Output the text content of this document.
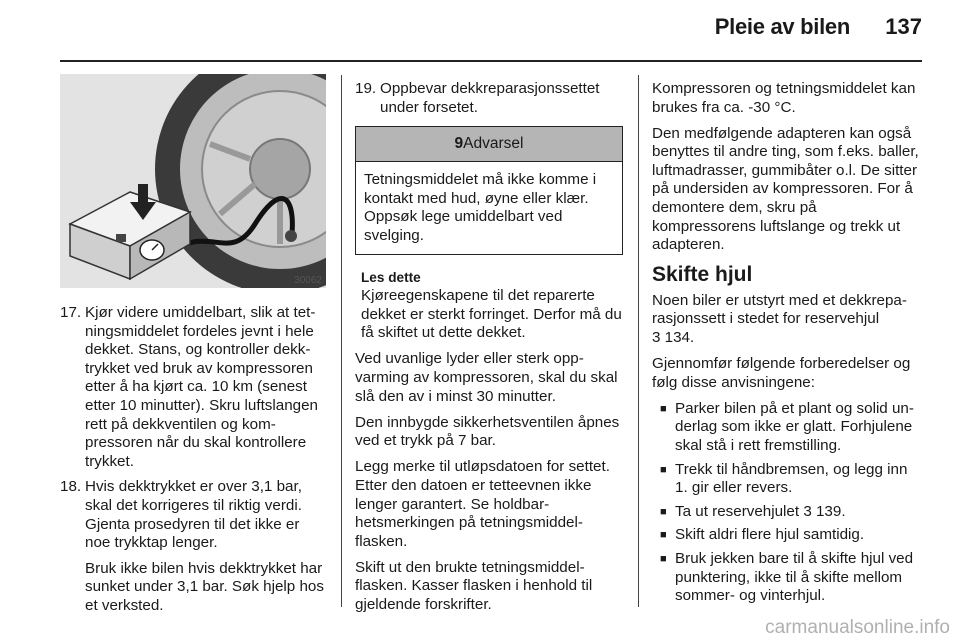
Pleie av bilen	137
30062
17. Kjør videre umiddelbart, slik at tetningsmiddelet fordeles jevnt i hele dekket. Stans, og kontroller dekktrykket ved bruk av kompressoren etter å ha kjørt ca. 10 km (senest etter 10 minutter). Skru luftslangen rett på dekkventilen og kompressoren når du skal kontrollere trykket.

18. Hvis dekktrykket er over 3,1 bar, skal det korrigeres til riktig verdi. Gjenta prosedyren til det ikke er noe trykktap lenger.

Bruk ikke bilen hvis dekktrykket har sunket under 3,1 bar. Søk hjelp hos et verksted.

19. Oppbevar dekkreparasjonssettet under forsetet.

9Advarsel
Tetningsmiddelet må ikke komme i kontakt med hud, øyne eller klær. Oppsøk lege umiddelbart ved svelging.
Les dette

Kjøreegenskapene til det reparerte dekket er sterkt forringet. Derfor må du få skiftet ut dette dekket.

Ved uvanlige lyder eller sterk oppvarming av kompressoren, skal du skal slå den av i minst 30 minutter.

Den innbygde sikkerhetsventilen åpnes ved et trykk på 7 bar.

Legg merke til utløpsdatoen for settet. Etter den datoen er tetteevnen ikke lenger garantert. Se holdbarhetsmerkingen på tetningsmiddelflasken.

Skift ut den brukte tetningsmiddelflasken. Kasser flasken i henhold til gjeldende forskrifter.

Kompressoren og tetningsmiddelet kan brukes fra ca. -30 °C.

Den medfølgende adapteren kan også benyttes til andre ting, som f.eks. baller, luftmadrasser, gummibåter o.l. De sitter på undersiden av kompressoren. For å demontere dem, skru på kompressorens luftslange og trekk ut adapteren.

Skifte hjul

Noen biler er utstyrt med et dekkreparasjonssett i stedet for reservehjul
3 134.

Gjennomfør følgende forberedelser og følg disse anvisningene:

■ Parker bilen på et plant og solid underlag som ikke er glatt. Forhjulene skal stå i rett fremstilling.
■ Trekk til håndbremsen, og legg inn 1. gir eller revers.
■ Ta ut reservehjulet 3 139.
■ Skift aldri flere hjul samtidig.
■ Bruk jekken bare til å skifte hjul ved punktering, ikke til å skifte mellom sommer- og vinterhjul.
carmanualsonline.info
